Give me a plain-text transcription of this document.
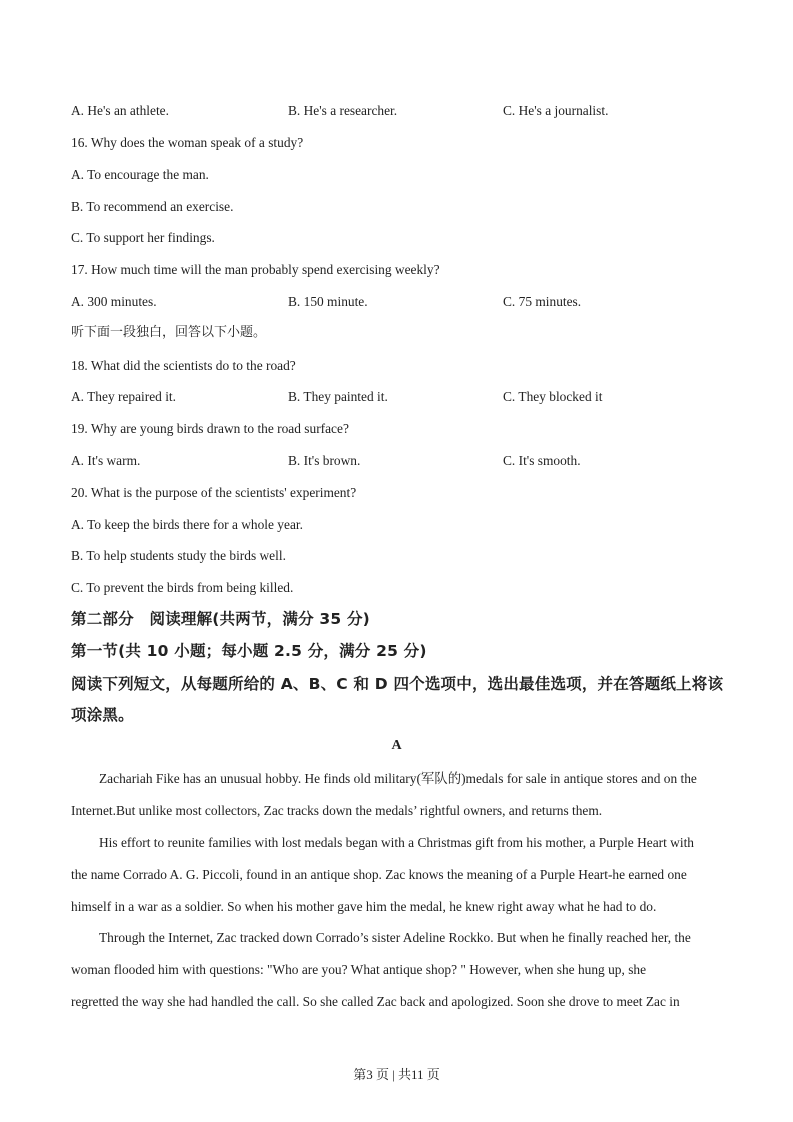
A. He's an athlete.	B. He's a researcher.	C. He's a journalist.
16. Why does the woman speak of a study?
A. To encourage the man.
B. To recommend an exercise.
C. To support her findings.
17. How much time will the man probably spend exercising weekly?
A. 300 minutes.	B. 150 minute.	C. 75 minutes.
听下面一段独白，回答以下小题。
18. What did the scientists do to the road?
A. They repaired it.	B. They painted it.	C. They blocked it
19. Why are young birds drawn to the road surface?
A. It's warm.	B. It's brown.	C. It's smooth.
20. What is the purpose of the scientists' experiment?
A. To keep the birds there for a whole year.
B. To help students study the birds well.
C. To prevent the birds from being killed.
第二部分　阅读理解(共两节，满分 35 分)
第一节(共 10 小题；每小题 2.5 分，满分 25 分)
阅读下列短文，从每题所给的 A、B、C 和 D 四个选项中，选出最佳选项，并在答题纸上将该
项涂黑。
A
Zachariah Fike has an unusual hobby. He finds old military(军队的)medals for sale in antique stores and on the
Internet.But unlike most collectors, Zac tracks down the medals’ rightful owners, and returns them.
His effort to reunite families with lost medals began with a Christmas gift from his mother, a Purple Heart with
the name Corrado A. G. Piccoli, found in an antique shop. Zac knows the meaning of a Purple Heart-he earned one
himself in a war as a soldier. So when his mother gave him the medal, he knew right away what he had to do.
Through the Internet, Zac tracked down Corrado’s sister Adeline Rockko. But when he finally reached her, the
woman flooded him with questions: "Who are you? What antique shop? " However, when she hung up, she
regretted the way she had handled the call. So she called Zac back and apologized. Soon she drove to meet Zac in
第3 页 | 共11 页
